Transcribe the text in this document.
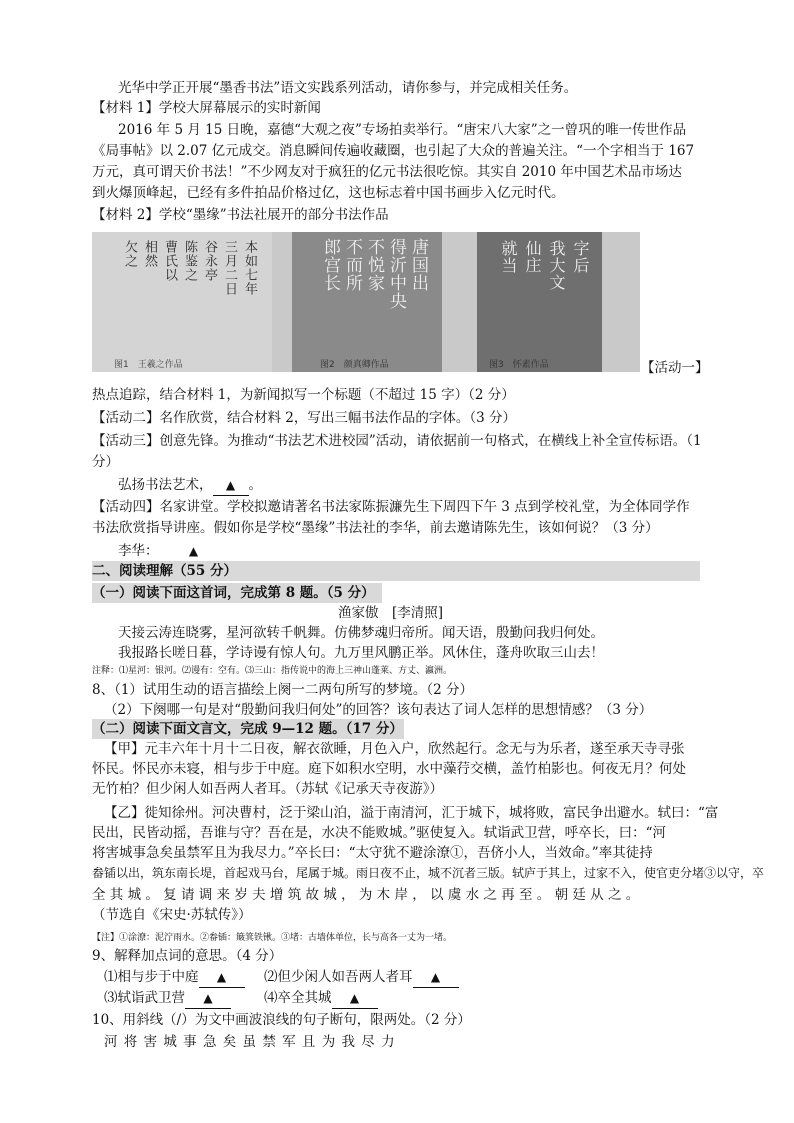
光华中学正开展“墨香书法”语文实践系列活动，请你参与，并完成相关任务。
【材料 1】学校大屏幕展示的实时新闻
2016 年 5 月 15 日晚，嘉德“大观之夜”专场拍卖举行。“唐宋八大家”之一曾巩的唯一传世作品
《局事帖》以 2.07 亿元成交。消息瞬间传遍收藏圈，也引起了大众的普遍关注。“一个字相当于 167
万元，真可谓天价书法！”不少网友对于疯狂的亿元书法很吃惊。其实自 2010 年中国艺术品市场达
到火爆顶峰起，已经有多件拍品价格过亿，这也标志着中国书画步入亿元时代。
【材料 2】学校“墨缘”书法社展开的部分书法作品
本如七年
三月二日
谷永亭
陈鉴之
曹氏以
相然
欠之
图1　王羲之作品
唐国出
得沂中央
不悦家
不而所
郎宫长
图2　颜真卿作品
字后
我大文
仙庄
就当
图3　怀素作品	【活动一】
热点追踪，结合材料 1，为新闻拟写一个标题（不超过 15 字）（2 分）
【活动二】名作欣赏，结合材料 2，写出三幅书法作品的字体。（3 分）
【活动三】创意先锋。为推动“书法艺术进校园”活动，请依据前一句格式，在横线上补全宣传标语。（1
分）
弘扬书法艺术， ▲ 。
【活动四】名家讲堂。学校拟邀请著名书法家陈振濂先生下周四下午 3 点到学校礼堂，为全体同学作
书法欣赏指导讲座。假如你是学校“墨缘”书法社的李华，前去邀请陈先生，该如何说？（3 分）
李华：	▲
二、阅读理解（55 分）
（一）阅读下面这首词，完成第 8 题。（5 分）
渔家傲　[李清照]
天接云涛连晓雾，星河欲转千帆舞。仿佛梦魂归帝所。闻天语，殷勤问我归何处。
我报路长嗟日暮，学诗谩有惊人句。九万里风鹏正举。风休住，蓬舟吹取三山去！
注释：⑴星河：银河。⑵谩有：空有。⑶三山：指传说中的海上三神山蓬莱、方丈、瀛洲。
8、（1）试用生动的语言描绘上阕一二两句所写的梦境。（2 分）
（2）下阕哪一句是对“殷勤问我归何处”的回答？该句表达了词人怎样的思想情感？（3 分）
（二）阅读下面文言文，完成 9—12 题。（17 分）
【甲】元丰六年十月十二日夜，解衣欲睡，月色入户，欣然起行。念无与为乐者，遂至承天寺寻张
怀民。怀民亦未寝，相与步于中庭。庭下如积水空明，水中藻荇交横，盖竹柏影也。何夜无月？何处
无竹柏？但少闲人如吾两人者耳。（苏轼《记承天寺夜游》）
【乙】徙知徐州。河决曹村，泛于梁山泊，溢于南清河，汇于城下，城将败，富民争出避水。轼曰：“富
民出，民皆动摇，吾谁与守？吾在是，水决不能败城。”驱使复入。轼诣武卫营，呼卒长，曰：“河
将害城事急矣虽禁军且为我尽力。”卒长曰：“太守犹不避涂潦①，吾侪小人，当效命。”率其徒持
畚锸以出，筑东南长堤，首起戏马台，尾属于城。雨日夜不止，城不沉者三版。轼庐于其上，过家不入，使官吏分堵③以守，卒
全 其 城 。 复 请 调 来 岁 夫 增 筑 故 城 ， 为 木 岸 ， 以 虞 水 之 再 至 。 朝 廷 从 之 。
（节选自《宋史·苏轼传》）
【注】①涂潦：泥泞雨水。②畚锸：簸箕铁锹。③堵：古墙体单位，长与高各一丈为一堵。
9、解释加点词的意思。（4 分）
⑴相与步于中庭 ▲	⑵但少闲人如吾两人者耳 ▲
⑶轼诣武卫营 ▲	⑷卒全其城 ▲
10、用斜线（/）为文中画波浪线的句子断句，限两处。（2 分）
河 将 害 城 事 急 矣 虽 禁 军 且 为 我 尽 力
